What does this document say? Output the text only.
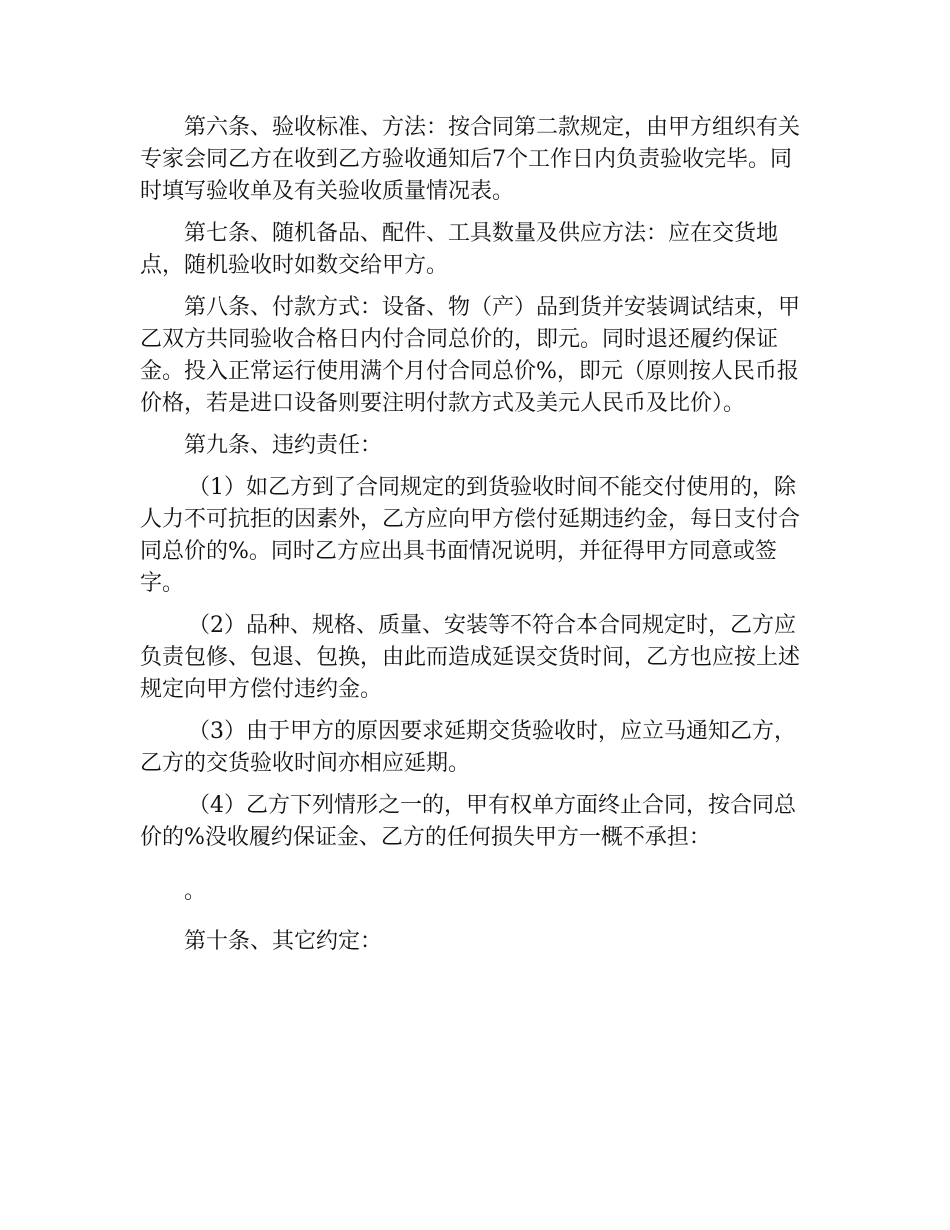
第六条、验收标准、方法：按合同第二款规定，由甲方组织有关专家会同乙方在收到乙方验收通知后7个工作日内负责验收完毕。同时填写验收单及有关验收质量情况表。

第七条、随机备品、配件、工具数量及供应方法：应在交货地点，随机验收时如数交给甲方。

第八条、付款方式：设备、物（产）品到货并安装调试结束，甲乙双方共同验收合格日内付合同总价的，即元。同时退还履约保证金。投入正常运行使用满个月付合同总价%，即元（原则按人民币报价格，若是进口设备则要注明付款方式及美元人民币及比价）。

第九条、违约责任：

（1）如乙方到了合同规定的到货验收时间不能交付使用的，除人力不可抗拒的因素外，乙方应向甲方偿付延期违约金，每日支付合同总价的%。同时乙方应出具书面情况说明，并征得甲方同意或签字。

（2）品种、规格、质量、安装等不符合本合同规定时，乙方应负责包修、包退、包换，由此而造成延误交货时间，乙方也应按上述规定向甲方偿付违约金。

（3）由于甲方的原因要求延期交货验收时，应立马通知乙方，乙方的交货验收时间亦相应延期。

（4）乙方下列情形之一的，甲有权单方面终止合同，按合同总价的%没收履约保证金、乙方的任何损失甲方一概不承担：

。

第十条、其它约定：
